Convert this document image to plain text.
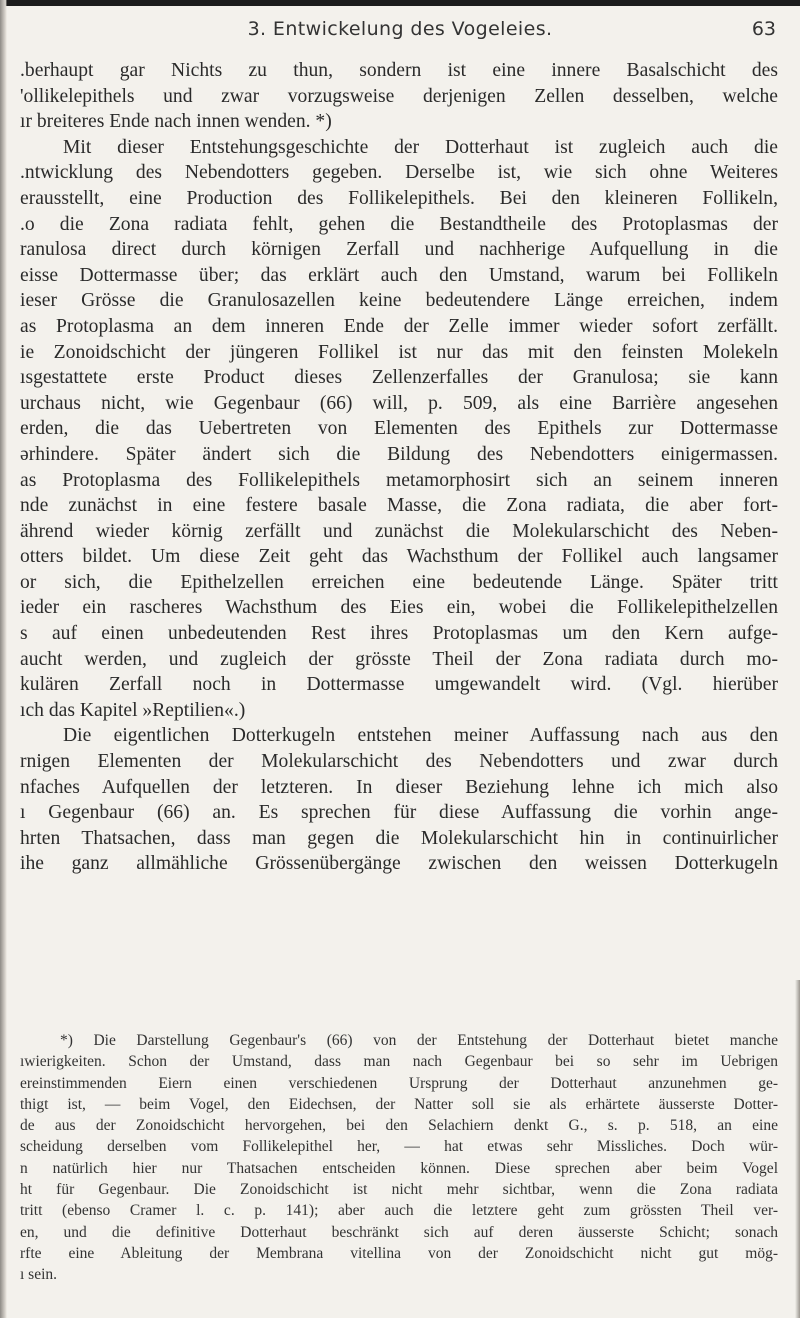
3. Entwickelung des Vogeleies.	63
.berhaupt gar Nichts zu thun, sondern ist eine innere Basalschicht des
'ollikelepithels und zwar vorzugsweise derjenigen Zellen desselben, welche
ır breiteres Ende nach innen wenden. *)
Mit dieser Entstehungsgeschichte der Dotterhaut ist zugleich auch die
.ntwicklung des Nebendotters gegeben. Derselbe ist, wie sich ohne Weiteres
erausstellt, eine Production des Follikelepithels. Bei den kleineren Follikeln,
.o die Zona radiata fehlt, gehen die Bestandtheile des Protoplasmas der
ranulosa direct durch körnigen Zerfall und nachherige Aufquellung in die
eisse Dottermasse über; das erklärt auch den Umstand, warum bei Follikeln
ieser Grösse die Granulosazellen keine bedeutendere Länge erreichen, indem
as Protoplasma an dem inneren Ende der Zelle immer wieder sofort zerfällt.
ie Zonoidschicht der jüngeren Follikel ist nur das mit den feinsten Molekeln
ısgestattete erste Product dieses Zellenzerfalles der Granulosa; sie kann
urchaus nicht, wie Gegenbaur (66) will, p. 509, als eine Barrière angesehen
erden, die das Uebertreten von Elementen des Epithels zur Dottermasse
ərhindere. Später ändert sich die Bildung des Nebendotters einigermassen.
as Protoplasma des Follikelepithels metamorphosirt sich an seinem inneren
nde zunächst in eine festere basale Masse, die Zona radiata, die aber fort-
ährend wieder körnig zerfällt und zunächst die Molekularschicht des Neben-
otters bildet. Um diese Zeit geht das Wachsthum der Follikel auch langsamer
or sich, die Epithelzellen erreichen eine bedeutende Länge. Später tritt
ieder ein rascheres Wachsthum des Eies ein, wobei die Follikelepithelzellen
s auf einen unbedeutenden Rest ihres Protoplasmas um den Kern aufge-
aucht werden, und zugleich der grösste Theil der Zona radiata durch mo-
kulären Zerfall noch in Dottermasse umgewandelt wird. (Vgl. hierüber
ıch das Kapitel »Reptilien«.)
Die eigentlichen Dotterkugeln entstehen meiner Auffassung nach aus den
rnigen Elementen der Molekularschicht des Nebendotters und zwar durch
nfaches Aufquellen der letzteren. In dieser Beziehung lehne ich mich also
ı Gegenbaur (66) an. Es sprechen für diese Auffassung die vorhin ange-
hrten Thatsachen, dass man gegen die Molekularschicht hin in continuirlicher
ihe ganz allmähliche Grössenübergänge zwischen den weissen Dotterkugeln
*) Die Darstellung Gegenbaur's (66) von der Entstehung der Dotterhaut bietet manche
ıwierigkeiten. Schon der Umstand, dass man nach Gegenbaur bei so sehr im Uebrigen
ereinstimmenden Eiern einen verschiedenen Ursprung der Dotterhaut anzunehmen ge-
thigt ist, — beim Vogel, den Eidechsen, der Natter soll sie als erhärtete äusserste Dotter-
de aus der Zonoidschicht hervorgehen, bei den Selachiern denkt G., s. p. 518, an eine
scheidung derselben vom Follikelepithel her, — hat etwas sehr Missliches. Doch wür-
n natürlich hier nur Thatsachen entscheiden können. Diese sprechen aber beim Vogel
ht für Gegenbaur. Die Zonoidschicht ist nicht mehr sichtbar, wenn die Zona radiata
tritt (ebenso Cramer l. c. p. 141); aber auch die letztere geht zum grössten Theil ver-
en, und die definitive Dotterhaut beschränkt sich auf deren äusserste Schicht; sonach
rfte eine Ableitung der Membrana vitellina von der Zonoidschicht nicht gut mög-
ı sein.
